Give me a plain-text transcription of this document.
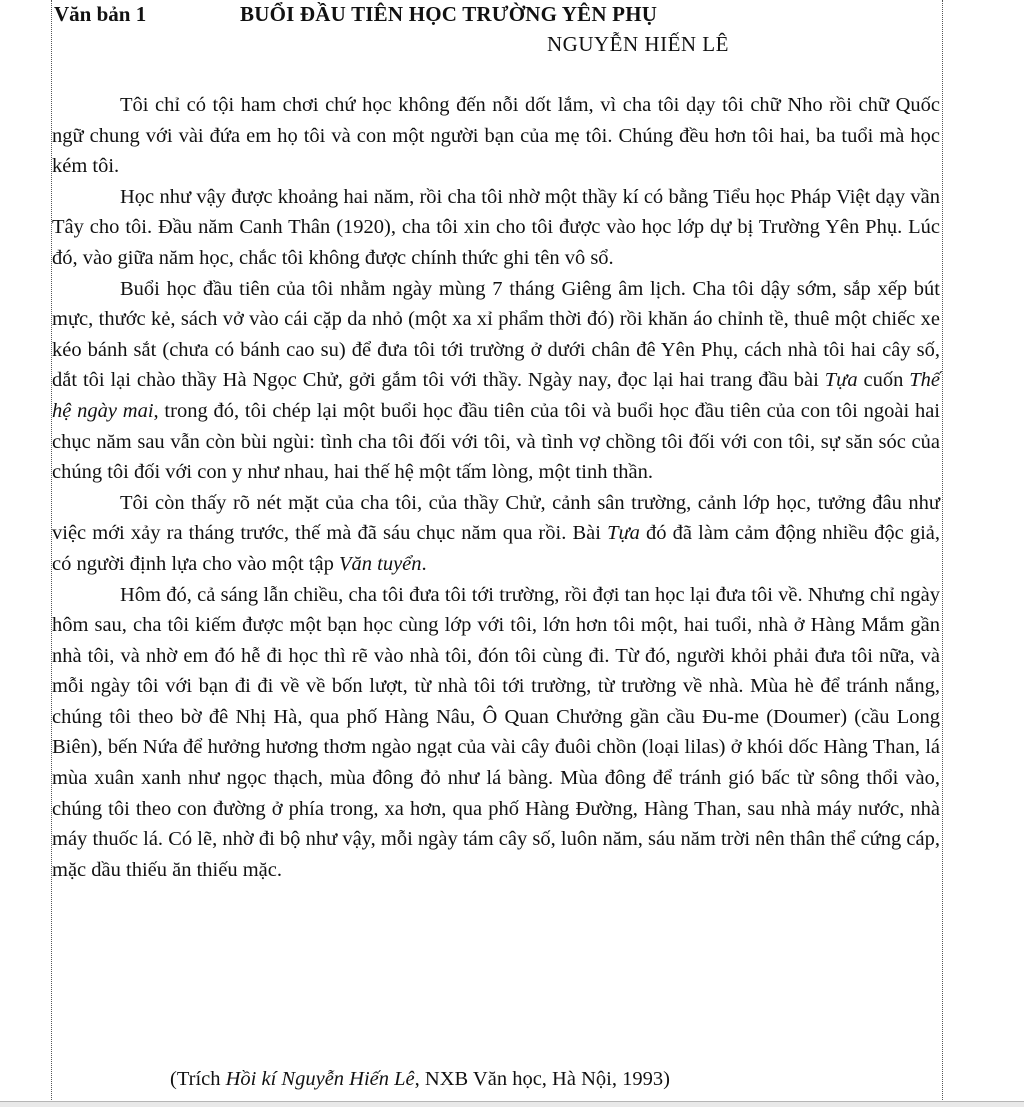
Văn bản 1	BUỔI ĐẦU TIÊN HỌC TRƯỜNG YÊN PHỤ
NGUYỄN HIẾN LÊ

Tôi chỉ có tội ham chơi chứ học không đến nỗi dốt lắm, vì cha tôi dạy tôi chữ Nho rồi chữ Quốc ngữ chung với vài đứa em họ tôi và con một người bạn của mẹ tôi. Chúng đều hơn tôi hai, ba tuổi mà học kém tôi.

Học như vậy được khoảng hai năm, rồi cha tôi nhờ một thầy kí có bằng Tiểu học Pháp Việt dạy vần Tây cho tôi. Đầu năm Canh Thân (1920), cha tôi xin cho tôi được vào học lớp dự bị Trường Yên Phụ. Lúc đó, vào giữa năm học, chắc tôi không được chính thức ghi tên vô sổ.

Buổi học đầu tiên của tôi nhằm ngày mùng 7 tháng Giêng âm lịch. Cha tôi dậy sớm, sắp xếp bút mực, thước kẻ, sách vở vào cái cặp da nhỏ (một xa xỉ phẩm thời đó) rồi khăn áo chỉnh tề, thuê một chiếc xe kéo bánh sắt (chưa có bánh cao su) để đưa tôi tới trường ở dưới chân đê Yên Phụ, cách nhà tôi hai cây số, dắt tôi lại chào thầy Hà Ngọc Chử, gởi gắm tôi với thầy. Ngày nay, đọc lại hai trang đầu bài Tựa cuốn Thế hệ ngày mai, trong đó, tôi chép lại một buổi học đầu tiên của tôi và buổi học đầu tiên của con tôi ngoài hai chục năm sau vẫn còn bùi ngùi: tình cha tôi đối với tôi, và tình vợ chồng tôi đối với con tôi, sự săn sóc của chúng tôi đối với con y như nhau, hai thế hệ một tấm lòng, một tinh thần.

Tôi còn thấy rõ nét mặt của cha tôi, của thầy Chử, cảnh sân trường, cảnh lớp học, tưởng đâu như việc mới xảy ra tháng trước, thế mà đã sáu chục năm qua rồi. Bài Tựa đó đã làm cảm động nhiều độc giả, có người định lựa cho vào một tập Văn tuyển.

Hôm đó, cả sáng lẫn chiều, cha tôi đưa tôi tới trường, rồi đợi tan học lại đưa tôi về. Nhưng chỉ ngày hôm sau, cha tôi kiếm được một bạn học cùng lớp với tôi, lớn hơn tôi một, hai tuổi, nhà ở Hàng Mắm gần nhà tôi, và nhờ em đó hễ đi học thì rẽ vào nhà tôi, đón tôi cùng đi. Từ đó, người khỏi phải đưa tôi nữa, và mỗi ngày tôi với bạn đi đi về về bốn lượt, từ nhà tôi tới trường, từ trường về nhà. Mùa hè để tránh nắng, chúng tôi theo bờ đê Nhị Hà, qua phố Hàng Nâu, Ô Quan Chưởng gần cầu Đu-me (Doumer) (cầu Long Biên), bến Nứa để hưởng hương thơm ngào ngạt của vài cây đuôi chồn (loại lilas) ở khói dốc Hàng Than, lá mùa xuân xanh như ngọc thạch, mùa đông đỏ như lá bàng. Mùa đông để tránh gió bấc từ sông thổi vào, chúng tôi theo con đường ở phía trong, xa hơn, qua phố Hàng Đường, Hàng Than, sau nhà máy nước, nhà máy thuốc lá. Có lẽ, nhờ đi bộ như vậy, mỗi ngày tám cây số, luôn năm, sáu năm trời nên thân thể cứng cáp, mặc dầu thiếu ăn thiếu mặc.

(Trích Hồi kí Nguyễn Hiến Lê, NXB Văn học, Hà Nội, 1993)
